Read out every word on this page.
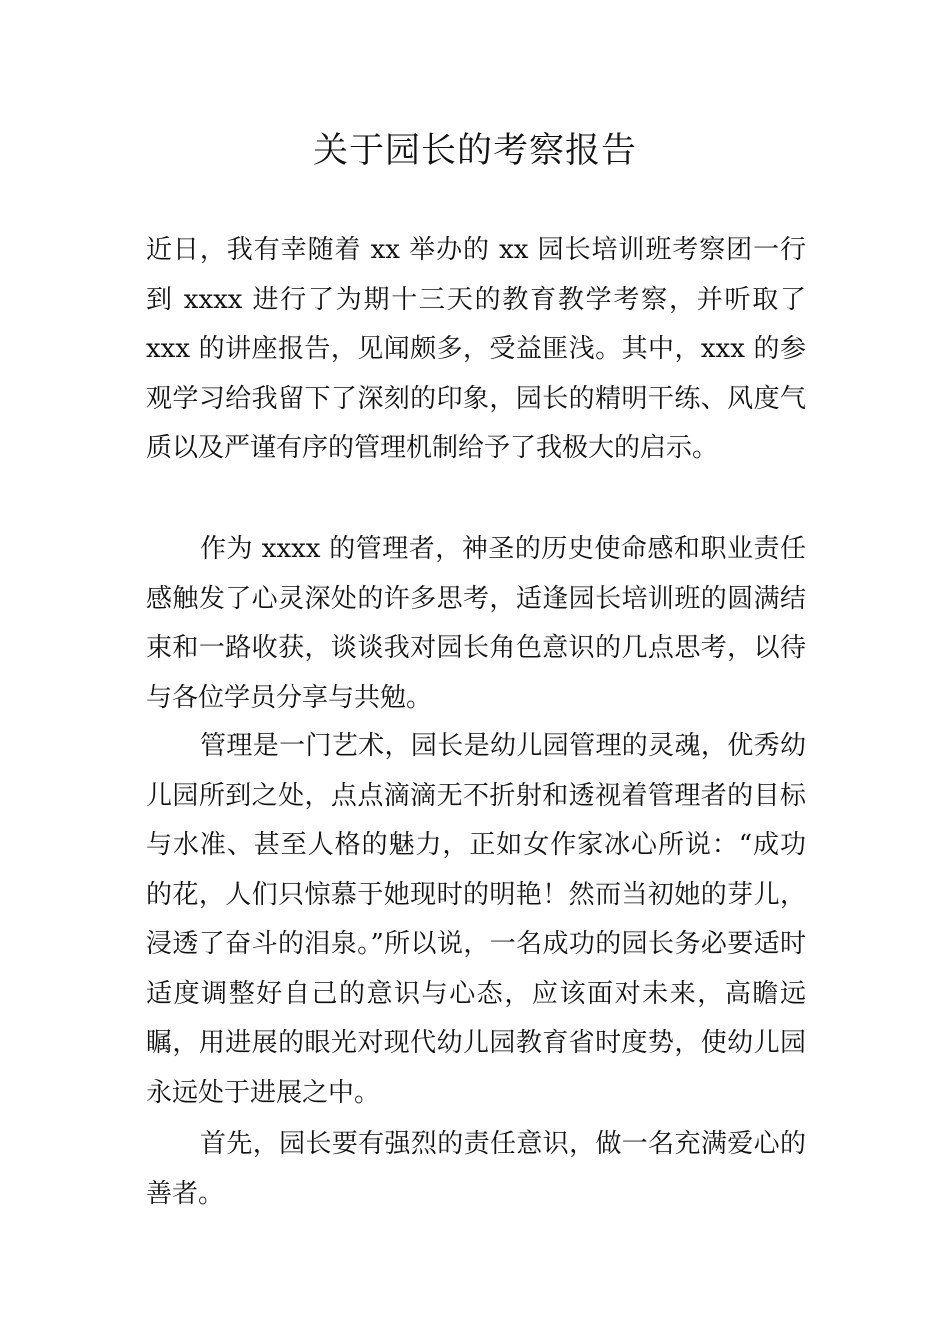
关于园长的考察报告

近日，我有幸随着 xx 举办的 xx 园长培训班考察团一行到 xxxx 进行了为期十三天的教育教学考察，并听取了 xxx 的讲座报告，见闻颇多，受益匪浅。其中，xxx 的参观学习给我留下了深刻的印象，园长的精明干练、风度气质以及严谨有序的管理机制给予了我极大的启示。

作为 xxxx 的管理者，神圣的历史使命感和职业责任感触发了心灵深处的许多思考，适逢园长培训班的圆满结束和一路收获，谈谈我对园长角色意识的几点思考，以待与各位学员分享与共勉。

管理是一门艺术，园长是幼儿园管理的灵魂，优秀幼儿园所到之处，点点滴滴无不折射和透视着管理者的目标与水准、甚至人格的魅力，正如女作家冰心所说：“成功的花，人们只惊慕于她现时的明艳！然而当初她的芽儿，浸透了奋斗的泪泉。”所以说，一名成功的园长务必要适时适度调整好自己的意识与心态，应该面对未来，高瞻远瞩，用进展的眼光对现代幼儿园教育省时度势，使幼儿园永远处于进展之中。

首先，园长要有强烈的责任意识，做一名充满爱心的善者。
